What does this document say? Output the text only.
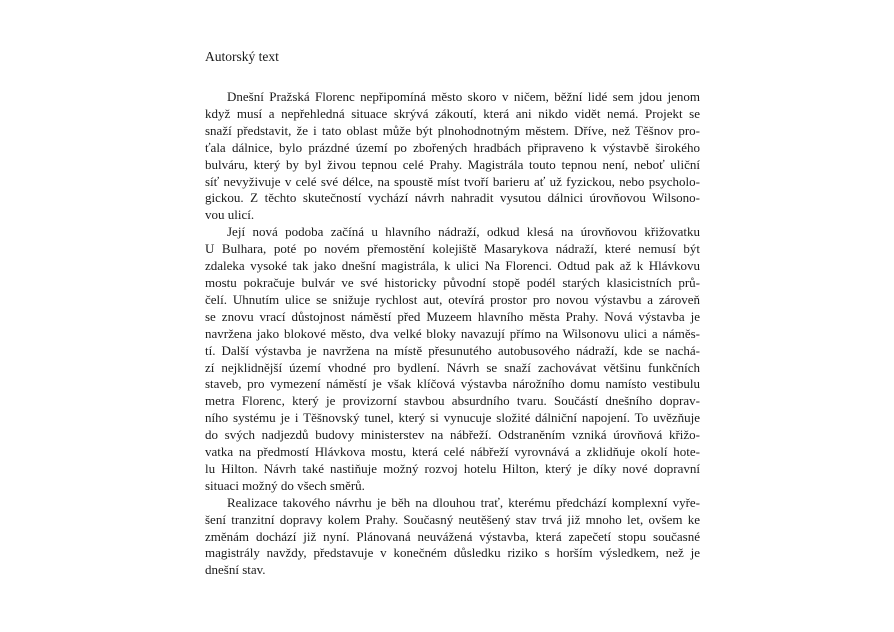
Autorský text

Dnešní Pražská Florenc nepřipomíná město skoro v ničem, běžní lidé sem jdou jenom
když musí a nepřehledná situace skrývá zákoutí, která ani nikdo vidět nemá. Projekt se
snaží představit, že i tato oblast může být plnohodnotným městem. Dříve, než Těšnov pro-
ťala dálnice, bylo prázdné území po zbořených hradbách připraveno k výstavbě širokého
bulváru, který by byl živou tepnou celé Prahy. Magistrála touto tepnou není, neboť uliční
síť nevyživuje v celé své délce, na spoustě míst tvoří barieru ať už fyzickou, nebo psycholo-
gickou. Z těchto skutečností vychází návrh nahradit vysutou dálnici úrovňovou Wilsono-
vou ulicí.

Její nová podoba začíná u hlavního nádraží, odkud klesá na úrovňovou křižovatku
U Bulhara, poté po novém přemostění kolejiště Masarykova nádraží, které nemusí být
zdaleka vysoké tak jako dnešní magistrála, k ulici Na Florenci. Odtud pak až k Hlávkovu
mostu pokračuje bulvár ve své historicky původní stopě podél starých klasicistních prů-
čelí. Uhnutím ulice se snižuje rychlost aut, otevírá prostor pro novou výstavbu a zároveň
se znovu vrací důstojnost náměstí před Muzeem hlavního města Prahy. Nová výstavba je
navržena jako blokové město, dva velké bloky navazují přímo na Wilsonovu ulici a náměs-
tí. Další výstavba je navržena na místě přesunutého autobusového nádraží, kde se nachá-
zí nejklidnější území vhodné pro bydlení. Návrh se snaží zachovávat většinu funkčních
staveb, pro vymezení náměstí je však klíčová výstavba nárožního domu namísto vestibulu
metra Florenc, který je provizorní stavbou absurdního tvaru. Součástí dnešního doprav-
ního systému je i Těšnovský tunel, který si vynucuje složité dálniční napojení. To uvězňuje
do svých nadjezdů budovy ministerstev na nábřeží. Odstraněním vzniká úrovňová křižo-
vatka na předmostí Hlávkova mostu, která celé nábřeží vyrovnává a zklidňuje okolí hote-
lu Hilton. Návrh také nastiňuje možný rozvoj hotelu Hilton, který je díky nové dopravní
situaci možný do všech směrů.

Realizace takového návrhu je běh na dlouhou trať, kterému předchází komplexní vyře-
šení tranzitní dopravy kolem Prahy. Současný neutěšený stav trvá již mnoho let, ovšem ke
změnám dochází již nyní. Plánovaná neuvážená výstavba, která zapečetí stopu současné
magistrály navždy, představuje v konečném důsledku riziko s horším výsledkem, než je
dnešní stav.
